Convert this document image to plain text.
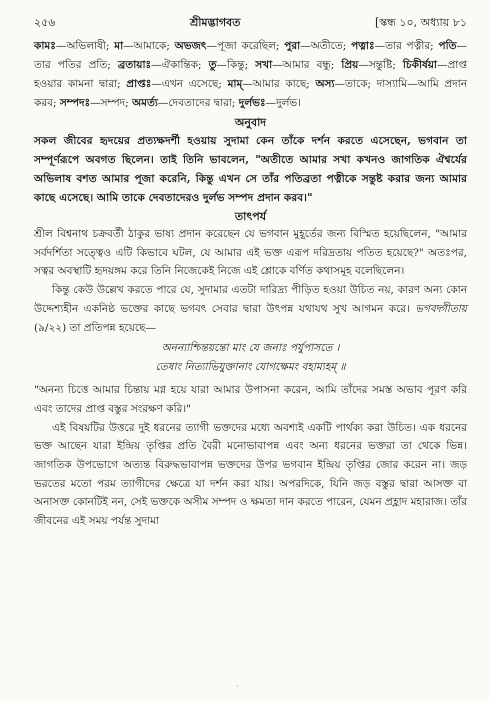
২৫৬	শ্রীমদ্ভাগবত	[স্কন্ধ ১০, অধ্যায় ৮১

কামঃ—অভিলাষী; মা—আমাকে; অভজৎ—পূজা করেছিল; পুরা—অতীতে; পত্নাঃ—তার পত্নীর; পতি—তার পতির প্রতি; ব্রতায়াঃ—ঐকান্তিক; তু—কিন্তু; সখা—আমার বন্ধু; প্রিয়—সন্তুষ্টি; চিকীর্ষয়া—প্রাপ্ত হওয়ার কামনা দ্বারা; প্রাপ্তঃ—এখন এসেছে; মাম্—আমার কাছে; অস্য—তাকে; দাস্যামি—আমি প্রদান করব; সম্পদঃ—সম্পদ; অমর্ত্য—দেবতাদের দ্বারা; দুর্লভঃ—দুর্লভ।

অনুবাদ

সকল জীবের হৃদয়ের প্রত্যক্ষদর্শী হওয়ায় সুদামা কেন তাঁকে দর্শন করতে এসেছেন, ভগবান তা সম্পূর্ণরূপে অবগত ছিলেন। তাই তিনি ভাবলেন, "অতীতে আমার সখা কখনও জাগতিক ঐশ্বর্যের অভিলাষ বশত আমার পূজা করেনি, কিন্তু এখন সে তাঁর পতিব্রতা পত্নীকে সন্তুষ্ট করার জন্য আমার কাছে এসেছে। আমি তাকে দেবতাদেরও দুর্লভ সম্পদ প্রদান করব।"

তাৎপর্য

শ্রীল বিশ্বনাথ চক্রবর্তী ঠাকুর ভাষ্য প্রদান করেছেন যে ভগবান মুহূর্তের জন্য বিস্মিত হয়েছিলেন, "আমার সর্বদর্শিতা সত্ত্বেও এটি কিভাবে ঘটল, যে আমার এই ভক্ত এরূপ দরিদ্রতায় পতিত হয়েছে?" অতঃপর, সত্বর অবস্থাটি হৃদয়ঙ্গম করে তিনি নিজেকেই নিজে এই শ্লোকে বর্ণিত কথাসমূহ বলেছিলেন।

কিন্তু কেউ উল্লেখ করতে পারে যে, সুদামার এতটা দারিদ্র্য পীড়িত হওয়া উচিত নয়, কারণ অন্য কোন উদ্দেশ্যহীন একনিষ্ঠ ভক্তের কাছে ভগবৎ সেবার দ্বারা উৎপন্ন যথাযথ সুখ আগমন করে। ভগবদ্গীতায় (৯/২২) তা প্রতিপন্ন হয়েছে—

অনন্যাশ্চিন্তয়ন্তো মাং যে জনাঃ পর্যুপাসতে ।
তেষাং নিত্যাভিযুক্তানাং যোগক্ষেমং বহাম্যহম্ ॥

"অনন্য চিত্তে আমার চিন্তায় মগ্ন হয়ে যারা আমার উপাসনা করেন, আমি তাঁদের সমস্ত অভাব পূরণ করি এবং তাদের প্রাপ্ত বস্তুর সংরক্ষণ করি।"

এই বিষয়টির উত্তরে দুই ধরনের ত্যাগী ভক্তদের মধ্যে অবশ্যই একটি পার্থক্য করা উচিত। এক ধরনের ভক্ত আছেন যারা ইন্দ্রিয় তৃপ্তির প্রতি বৈরী মনোভাবাপন্ন এবং অন্য ধরনের ভক্তরা তা থেকে ভিন্ন। জাগতিক উপভোগে অত্যন্ত বিরুদ্ধভাবাপন্ন ভক্তদের উপর ভগবান ইন্দ্রিয় তৃপ্তির জোর করেন না। জড় ভরতের মতো পরম ত্যাগীদের ক্ষেত্রে যা দর্শন করা যায়। অপরদিকে, যিনি জড় বস্তুর দ্বারা আসক্ত বা অনাসক্ত কোনটিই নন, সেই ভক্তকে অসীম সম্পদ ও ক্ষমতা দান করতে পারেন, যেমন প্রহ্লাদ মহারাজ। তাঁর জীবনের এই সময় পর্যন্ত সুদামা

·
